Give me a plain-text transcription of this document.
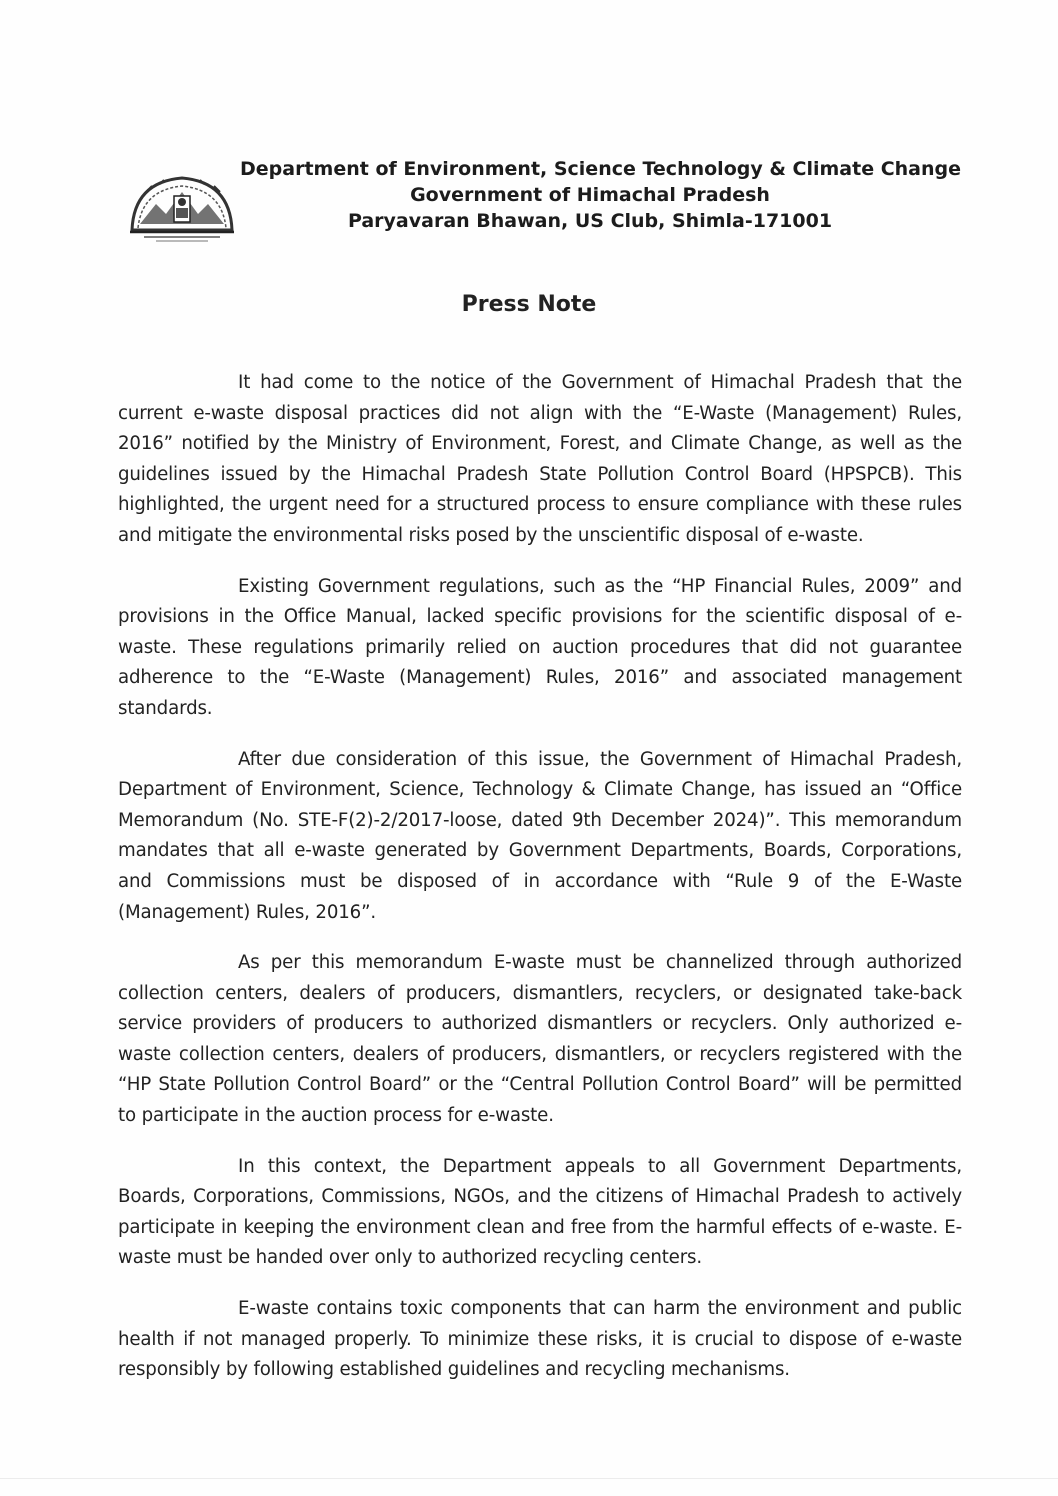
Department of Environment, Science Technology & Climate Change
Government of Himachal Pradesh
Paryavaran Bhawan, US Club, Shimla-171001
Press Note

It had come to the notice of the Government of Himachal Pradesh that the current e-waste disposal practices did not align with the “E-Waste (Management) Rules, 2016” notified by the Ministry of Environment, Forest, and Climate Change, as well as the guidelines issued by the Himachal Pradesh State Pollution Control Board (HPSPCB). This highlighted, the urgent need for a structured process to ensure compliance with these rules and mitigate the environmental risks posed by the unscientific disposal of e-waste.

Existing Government regulations, such as the “HP Financial Rules, 2009” and provisions in the Office Manual, lacked specific provisions for the scientific disposal of e-waste. These regulations primarily relied on auction procedures that did not guarantee adherence to the “E-Waste (Management) Rules, 2016” and associated management standards.

After due consideration of this issue, the Government of Himachal Pradesh, Department of Environment, Science, Technology & Climate Change, has issued an “Office Memorandum (No. STE-F(2)-2/2017-loose, dated 9th December 2024)”. This memorandum mandates that all e-waste generated by Government Departments, Boards, Corporations, and Commissions must be disposed of in accordance with “Rule 9 of the E-Waste (Management) Rules, 2016”.

As per this memorandum E-waste must be channelized through authorized collection centers, dealers of producers, dismantlers, recyclers, or designated take-back service providers of producers to authorized dismantlers or recyclers. Only authorized e-waste collection centers, dealers of producers, dismantlers, or recyclers registered with the “HP State Pollution Control Board” or the “Central Pollution Control Board” will be permitted to participate in the auction process for e-waste.

In this context, the Department appeals to all Government Departments, Boards, Corporations, Commissions, NGOs, and the citizens of Himachal Pradesh to actively participate in keeping the environment clean and free from the harmful effects of e-waste. E-waste must be handed over only to authorized recycling centers.

E-waste contains toxic components that can harm the environment and public health if not managed properly. To minimize these risks, it is crucial to dispose of e-waste responsibly by following established guidelines and recycling mechanisms.
